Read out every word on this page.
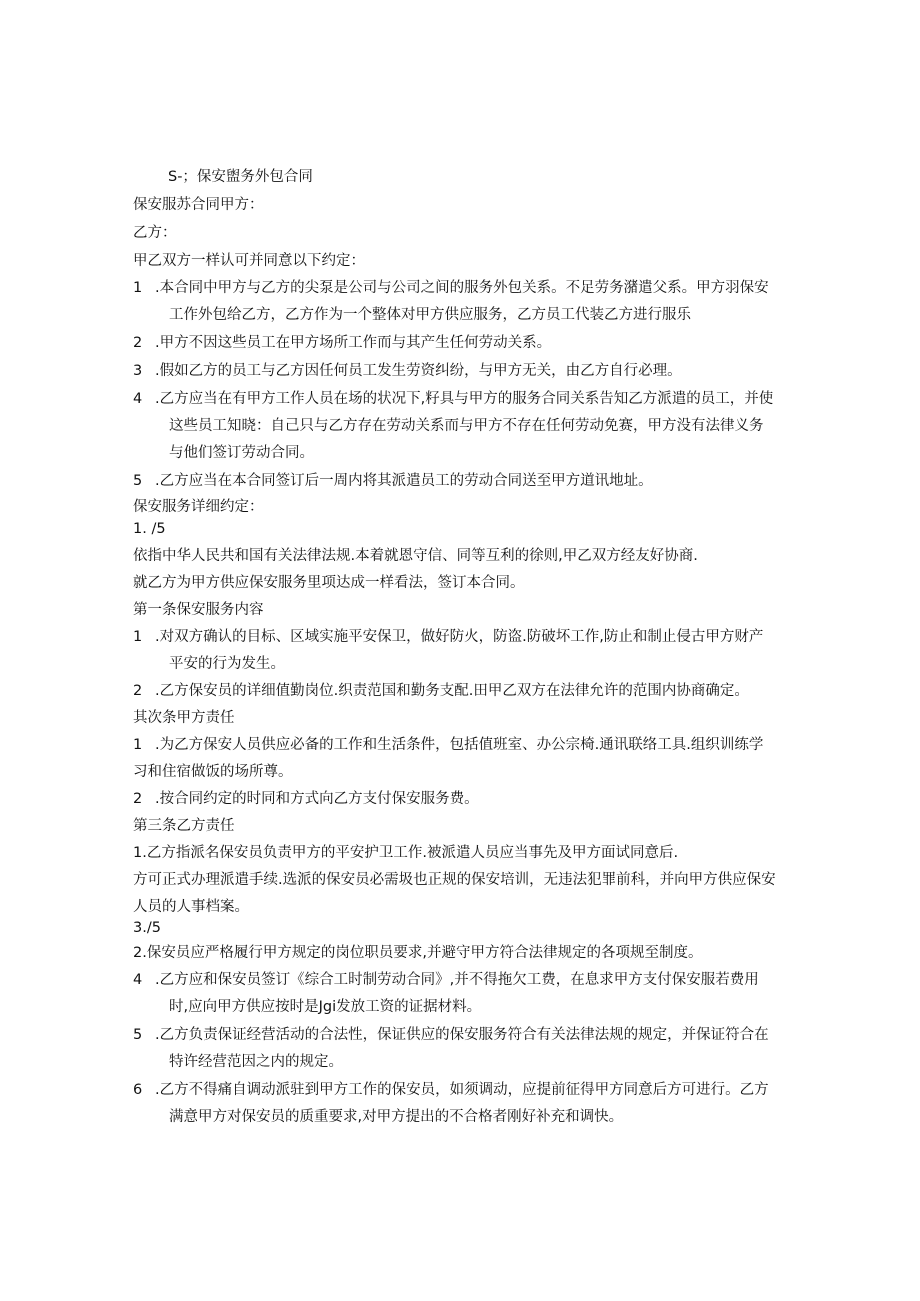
S-；保安盥务外包合同
保安服苏合同甲方：
乙方：
甲乙双方一样认可并同意以下约定：
1 .本合同中甲方与乙方的尖泵是公司与公司之间的服务外包关系。不足劳务潴遣父系。甲方羽保安
工作外包给乙方，乙方作为一个整体对甲方供应服务，乙方员工代装乙方进行服乐
2 .甲方不因这些员工在甲方场所工作而与其产生任何劳动关系。
3 .假如乙方的员工与乙方因任何员工发生劳资纠纷，与甲方无关，由乙方自行必理。
4 .乙方应当在有甲方工作人员在场的状况下,籽具与甲方的服务合同关系告知乙方派遣的员工，并使
这些员工知晓：自己只与乙方存在劳动关系而与甲方不存在任何劳动免赛，甲方没有法律义务
与他们签订劳动合同。
5 .乙方应当在本合同签订后一周内将其派遣员工的劳动合同送至甲方道讯地址。
保安服务详细约定：
1. /5
依指中华人民共和国有关法律法规.本着就恩守信、同等互利的徐则,甲乙双方经友好协商.
就乙方为甲方供应保安服务里项达成一样看法，签订本合同。
第一条保安服务内容
1 .对双方确认的目标、区域实施平安保卫，做好防火，防盗.防破坏工作,防止和制止侵古甲方财产
平安的行为发生。
2 .乙方保安员的详细值勤岗位.织责范国和勤务支配.田甲乙双方在法律允许的范围内协商确定。
其次条甲方责任
1 .为乙方保安人员供应必备的工作和生活条件，包括值班室、办公宗椅.通讯联络工具.组织训练学
习和住宿做饭的场所尊。
2 .按合同约定的时同和方式向乙方支付保安服务费。
第三条乙方责任
1.乙方指派名保安员负责甲方的平安护卫工作.被派遣人员应当事先及甲方面试同意后.
方可正式办理派遣手续.选派的保安员必需圾也正规的保安培训，无违法犯罪前科，并向甲方供应保安
人员的人事档案。
3./5
2.保安员应严格履行甲方规定的岗位职员要求,并避守甲方符合法律规定的各项规至制度。
4 .乙方应和保安员签订《综合工时制劳动合同》,并不得拖欠工费，在息求甲方支付保安服若费用
时,应向甲方供应按时是Jgi发放工资的证据材料。
5 .乙方负责保证经营活动的合法性，保证供应的保安服务符合有关法律法规的规定，并保证符合在
特许经营范因之内的规定。
6 .乙方不得痛自调动派驻到甲方工作的保安员，如须调动，应提前征得甲方同意后方可进行。乙方
满意甲方对保安员的质重要求,对甲方提出的不合格者刚好补充和调快。
